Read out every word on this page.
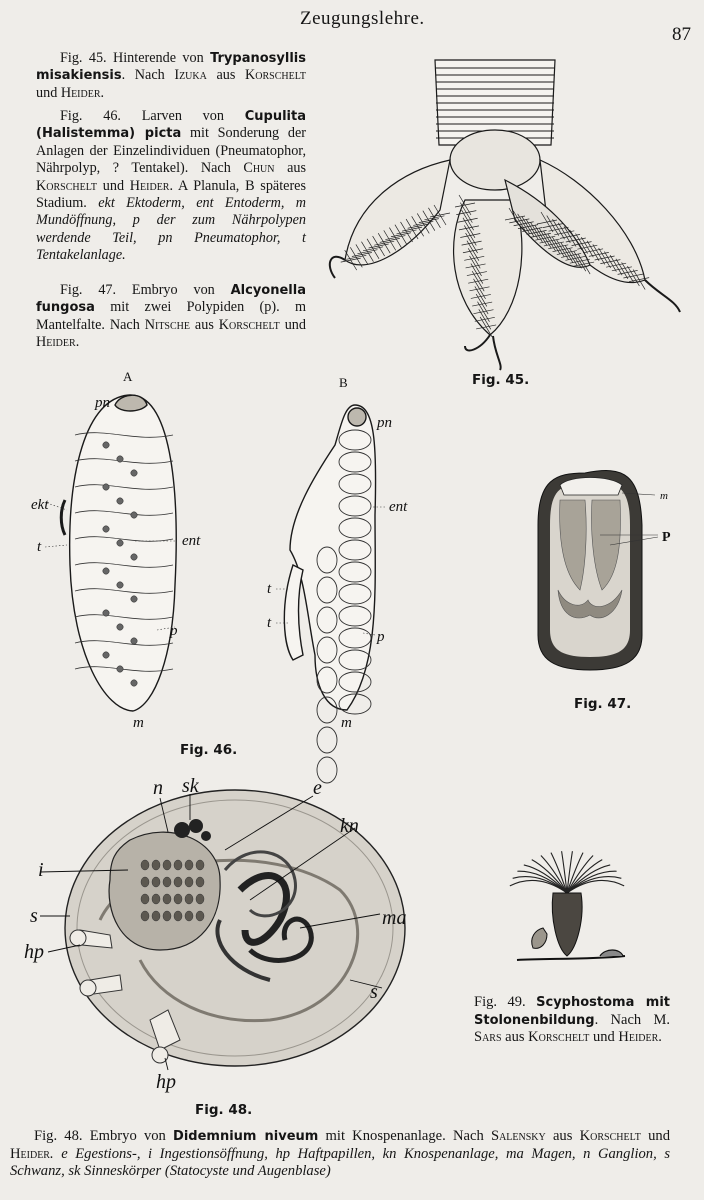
Zeugungslehre.
87
Fig. 45. Hinterende von Trypanosyllis misakiensis. Nach Izuka aus Korschelt und Heider.
Fig. 46. Larven von Cupulita (Halistemma) picta mit Sonderung der Anlagen der Einzelindividuen (Pneumatophor, Nährpolyp, ? Tentakel). Nach Chun aus Korschelt und Heider. A Planula, B späteres Stadium. ekt Ektoderm, ent Entoderm, m Mundöffnung, p der zum Nährpolypen werdende Teil, pn Pneumatophor, t Tentakelanlage.
Fig. 47. Embryo von Alcyonella fungosa mit zwei Polypiden (p). m Mantelfalte. Nach Nitsche aus Korschelt und Heider.
Fig. 45.
A	B
pn
ekt
t	ent
p
m
pn
ent
t
t
p
m
Fig. 46.
m
P
Fig. 47.
n sk	e
kn
i
s	ma
hp
s
hp
Fig. 48.
Fig. 49. Scyphostoma mit Stolonenbildung. Nach M. Sars aus Korschelt und Heider.
Fig. 48. Embryo von Didemnium niveum mit Knospenanlage. Nach Salensky aus Korschelt und Heider. e Egestions-, i Ingestionsöffnung, hp Haftpapillen, kn Knospenanlage, ma Magen, n Ganglion, s Schwanz, sk Sinneskörper (Statocyste und Augenblase)
